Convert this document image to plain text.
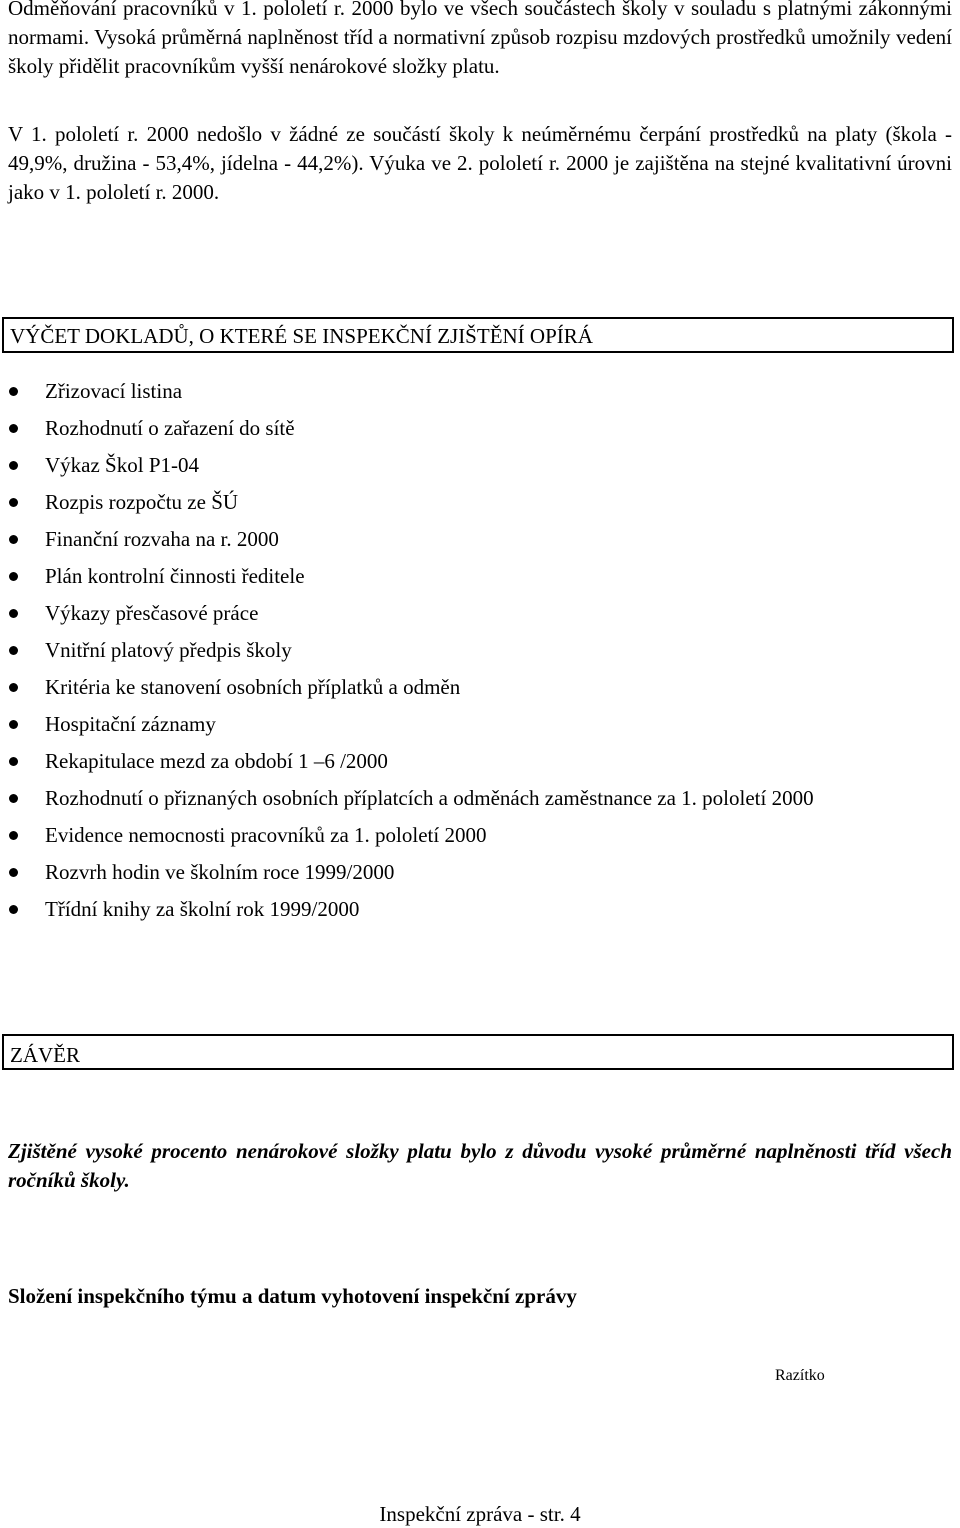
Odměňování pracovníků v 1. pololetí r. 2000 bylo ve všech součástech školy v souladu s platnými zákonnými normami. Vysoká průměrná naplněnost tříd a normativní způsob rozpisu mzdových prostředků umožnily vedení školy přidělit pracovníkům vyšší nenárokové složky platu.
V 1. pololetí r. 2000 nedošlo v žádné ze součástí školy k neúměrnému čerpání prostředků na platy (škola - 49,9%, družina - 53,4%, jídelna - 44,2%). Výuka ve 2. pololetí r. 2000 je zajištěna na stejné kvalitativní úrovni jako v 1. pololetí r. 2000.
VÝČET DOKLADŮ, O KTERÉ SE INSPEKČNÍ ZJIŠTĚNÍ OPÍRÁ
Zřizovací listina
Rozhodnutí o zařazení do sítě
Výkaz Škol P1-04
Rozpis rozpočtu ze ŠÚ
Finanční rozvaha na r. 2000
Plán kontrolní činnosti ředitele
Výkazy přesčasové práce
Vnitřní platový předpis školy
Kritéria ke stanovení osobních příplatků a odměn
Hospitační záznamy
Rekapitulace mezd za období 1 –6 /2000
Rozhodnutí o přiznaných osobních příplatcích a odměnách zaměstnance za 1. pololetí 2000
Evidence nemocnosti pracovníků za 1. pololetí 2000
Rozvrh hodin ve školním roce 1999/2000
Třídní knihy za školní rok 1999/2000
ZÁVĚR
Zjištěné vysoké procento nenárokové složky platu bylo z důvodu vysoké průměrné naplněnosti tříd všech ročníků školy.
Složení inspekčního týmu a datum vyhotovení inspekční zprávy
Razítko
Inspekční zpráva - str. 4
